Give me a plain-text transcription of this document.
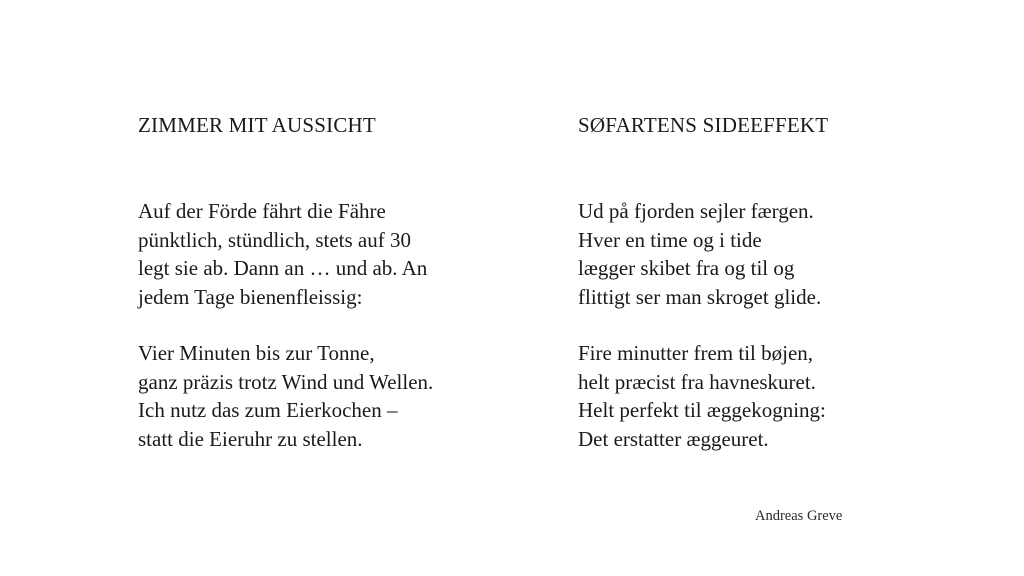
ZIMMER MIT AUSSICHT

Auf der Förde fährt die Fähre
pünktlich, stündlich, stets auf 30
legt sie ab. Dann an … und ab. An
jedem Tage bienenfleissig:

Vier Minuten bis zur Tonne,
ganz präzis trotz Wind und Wellen.
Ich nutz das zum Eierkochen –
statt die Eieruhr zu stellen.

SØFARTENS SIDEEFFEKT

Ud på fjorden sejler færgen.
Hver en time og i tide
lægger skibet fra og til og
flittigt ser man skroget glide.

Fire minutter frem til bøjen,
helt præcist fra havneskuret.
Helt perfekt til æggekogning:
Det erstatter æggeuret.

Andreas Greve
